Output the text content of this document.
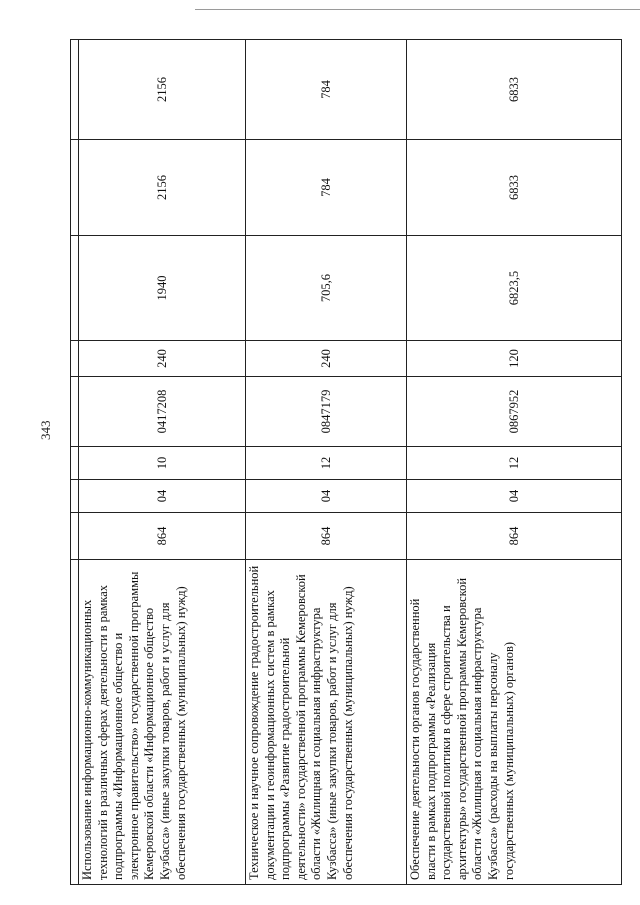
343

Использование информационно-коммуникационных технологий в различных сферах деятельности в рамках подпрограммы «Информационное общество и электронное правительство» государственной программы Кемеровской области «Информационное общество Кузбасса» (иные закупки товаров, работ и услуг для обеспечения государственных (муниципальных) нужд)	864	04	10	0417208	240	1940	2156	2156
Техническое и научное сопровождение градостроительной документации и геоинформационных систем в рамках подпрограммы «Развитие градостроительной деятельности» государственной программы Кемеровской области «Жилищная и социальная инфраструктура Кузбасса» (иные закупки товаров, работ и услуг для обеспечения государственных (муниципальных) нужд)	864	04	12	0847179	240	705,6	784	784
Обеспечение деятельности органов государственной власти в рамках подпрограммы «Реализация государственной политики в сфере строительства и архитектуры» государственной программы Кемеровской области «Жилищная и социальная инфраструктура Кузбасса» (расходы на выплаты персоналу государственных (муниципальных) органов)	864	04	12	0867952	120	6823,5	6833	6833
